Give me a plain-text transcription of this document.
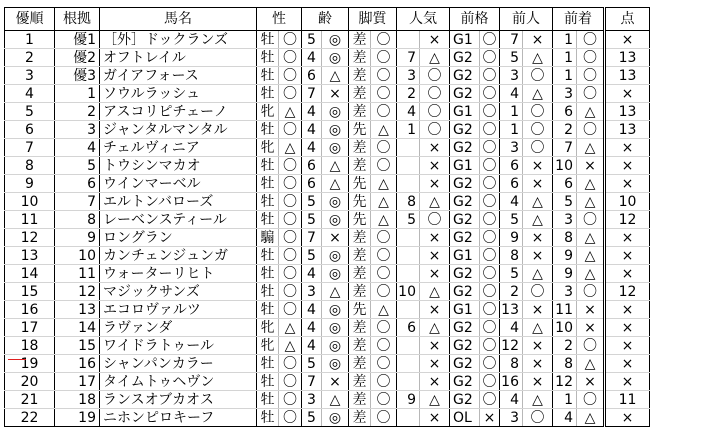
優順	根拠	馬名	性		齢		脚質		人気		前格		前人		前着		点
1	優1	［外］ドックランズ	牡	〇	5	◎	差	〇		×	G1	〇	7	×	1	〇	×
2	優2	オフトレイル	牡	〇	4	◎	差	〇	7	△	G2	〇	5	△	1	〇	13
3	優3	ガイアフォース	牡	〇	6	△	差	〇	3	〇	G2	〇	3	〇	1	〇	13
4	1	ソウルラッシュ	牡	〇	7	×	差	〇	2	〇	G2	〇	4	△	3	〇	×
5	2	アスコリピチェーノ	牝	△	4	◎	差	〇	4	〇	G1	〇	1	〇	6	△	13
6	3	ジャンタルマンタル	牡	〇	4	◎	先	△	1	〇	G2	〇	1	〇	2	〇	13
7	4	チェルヴィニア	牝	△	4	◎	差	〇		×	G2	〇	3	〇	7	△	×
8	5	トウシンマカオ	牡	〇	6	△	差	〇		×	G1	〇	6	×	10	×	×
9	6	ウインマーベル	牡	〇	6	△	先	△		×	G2	〇	6	×	6	△	×
10	7	エルトンバローズ	牡	〇	5	◎	先	△	8	△	G2	〇	4	△	5	△	10
11	8	レーベンスティール	牡	〇	5	◎	先	△	5	〇	G2	〇	5	△	3	〇	12
12	9	ロングラン	騸	〇	7	×	差	〇		×	G2	〇	9	×	8	△	×
13	10	カンチェンジュンガ	牡	〇	5	◎	差	〇		×	G1	〇	8	×	9	△	×
14	11	ウォーターリヒト	牡	〇	4	◎	差	〇		×	G2	〇	5	△	9	△	×
15	12	マジックサンズ	牡	〇	3	△	差	〇	10	△	G2	〇	2	〇	3	〇	12
16	13	エコロヴァルツ	牡	〇	4	◎	先	△		×	G1	〇	13	×	11	×	×
17	14	ラヴァンダ	牝	△	4	◎	差	〇	6	△	G2	〇	4	△	10	×	×
18	15	ワイドラトゥール	牝	△	4	◎	差	〇		×	G2	〇	12	×	2	〇	×
19	16	シャンパンカラー	牡	〇	5	◎	差	〇		×	G2	〇	8	×	8	△	×
20	17	タイムトゥヘヴン	牡	〇	7	×	差	〇		×	G2	〇	16	×	12	×	×
21	18	ランスオブカオス	牡	〇	3	△	差	〇	9	△	G2	〇	4	△	1	〇	11
22	19	ニホンピロキーフ	牡	〇	5	◎	差	〇		×	OL	×	3	〇	4	△	×
